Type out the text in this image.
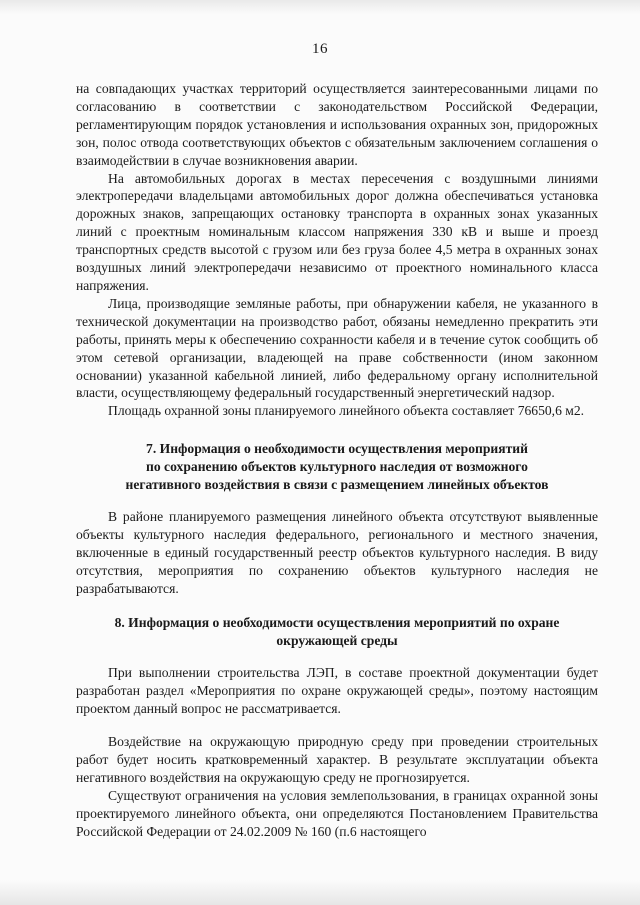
16

на совпадающих участках территорий осуществляется заинтересованными лицами по согласованию в соответствии с законодательством Российской Федерации, регламентирующим порядок установления и использования охранных зон, придорожных зон, полос отвода соответствующих объектов с обязательным заключением соглашения о взаимодействии в случае возникновения аварии.

На автомобильных дорогах в местах пересечения с воздушными линиями электропередачи владельцами автомобильных дорог должна обеспечиваться установка дорожных знаков, запрещающих остановку транспорта в охранных зонах указанных линий с проектным номинальным классом напряжения 330 кВ и выше и проезд транспортных средств высотой с грузом или без груза более 4,5 метра в охранных зонах воздушных линий электропередачи независимо от проектного номинального класса напряжения.

Лица, производящие земляные работы, при обнаружении кабеля, не указанного в технической документации на производство работ, обязаны немедленно прекратить эти работы, принять меры к обеспечению сохранности кабеля и в течение суток сообщить об этом сетевой организации, владеющей на праве собственности (ином законном основании) указанной кабельной линией, либо федеральному органу исполнительной власти, осуществляющему федеральный государственный энергетический надзор.

Площадь охранной зоны планируемого линейного объекта составляет 76650,6 м2.

7. Информация о необходимости осуществления мероприятий
по сохранению объектов культурного наследия от возможного
негативного воздействия в связи с размещением линейных объектов

В районе планируемого размещения линейного объекта отсутствуют выявленные объекты культурного наследия федерального, регионального и местного значения, включенные в единый государственный реестр объектов культурного наследия. В виду отсутствия, мероприятия по сохранению объектов культурного наследия не разрабатываются.

8. Информация о необходимости осуществления мероприятий по охране
окружающей среды

При выполнении строительства ЛЭП, в составе проектной документации будет разработан раздел «Мероприятия по охране окружающей среды», поэтому настоящим проектом данный вопрос не рассматривается.

Воздействие на окружающую природную среду при проведении строительных работ будет носить кратковременный характер. В результате эксплуатации объекта негативного воздействия на окружающую среду не прогнозируется.

Существуют ограничения на условия землепользования, в границах охранной зоны проектируемого линейного объекта, они определяются Постановлением Правительства Российской Федерации от 24.02.2009 № 160 (п.6 настоящего
